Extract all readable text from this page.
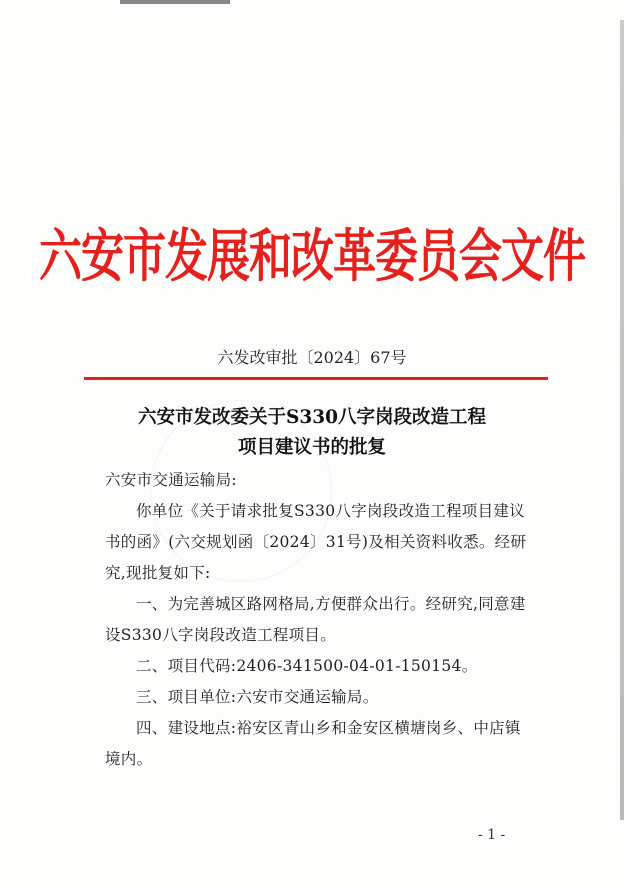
六安市发展和改革委员会文件
六发改审批〔2024〕67号
六安市发改委关于S330八字岗段改造工程
项目建议书的批复

六安市交通运输局:

你单位《关于请求批复S330八字岗段改造工程项目建议书的函》(六交规划函〔2024〕31号)及相关资料收悉。经研究,现批复如下:

一、为完善城区路网格局,方便群众出行。经研究,同意建设S330八字岗段改造工程项目。

二、项目代码:2406-341500-04-01-150154。

三、项目单位:六安市交通运输局。

四、建设地点:裕安区青山乡和金安区横塘岗乡、中店镇境内。

- 1 -
